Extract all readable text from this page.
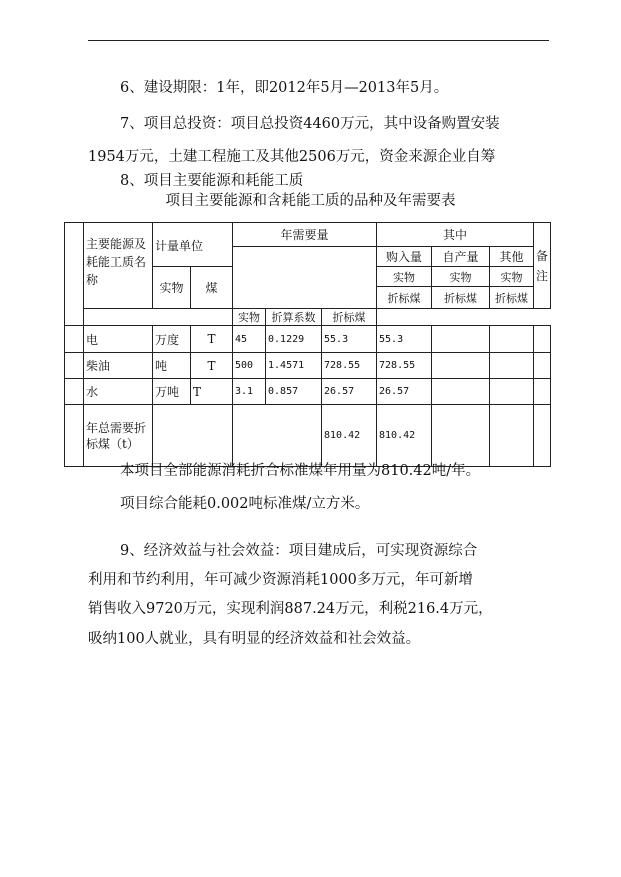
6、建设期限：1年，即2012年5月—2013年5月。
7、项目总投资：项目总投资4460万元，其中设备购置安装
1954万元，土建工程施工及其他2506万元，资金来源企业自筹
8、项目主要能源和耗能工质
项目主要能源和含耗能工质的品种及年需要表
	主要能源及耗能工质名称	计量单位		年需要量			其中			备注
							购入量	自产量	其他	
		实物	煤				实物	实物	实物	
							折标煤	折标煤	折标煤	
				实物	折算系数	折标煤				
	电	万度	T	45	0.1229	55.3	55.3			
	柴油	吨	T	500	1.4571	728.55	728.55			
	水	万吨	T	3.1	0.857	26.57	26.57			
	年总需要折标煤（t）					810.42	810.42			
本项目全部能源消耗折合标准煤年用量为810.42吨/年。
项目综合能耗0.002吨标准煤/立方米。
9、经济效益与社会效益：项目建成后，可实现资源综合
利用和节约利用，年可减少资源消耗1000多万元，年可新增
销售收入9720万元，实现利润887.24万元，利税216.4万元，
吸纳100人就业，具有明显的经济效益和社会效益。
